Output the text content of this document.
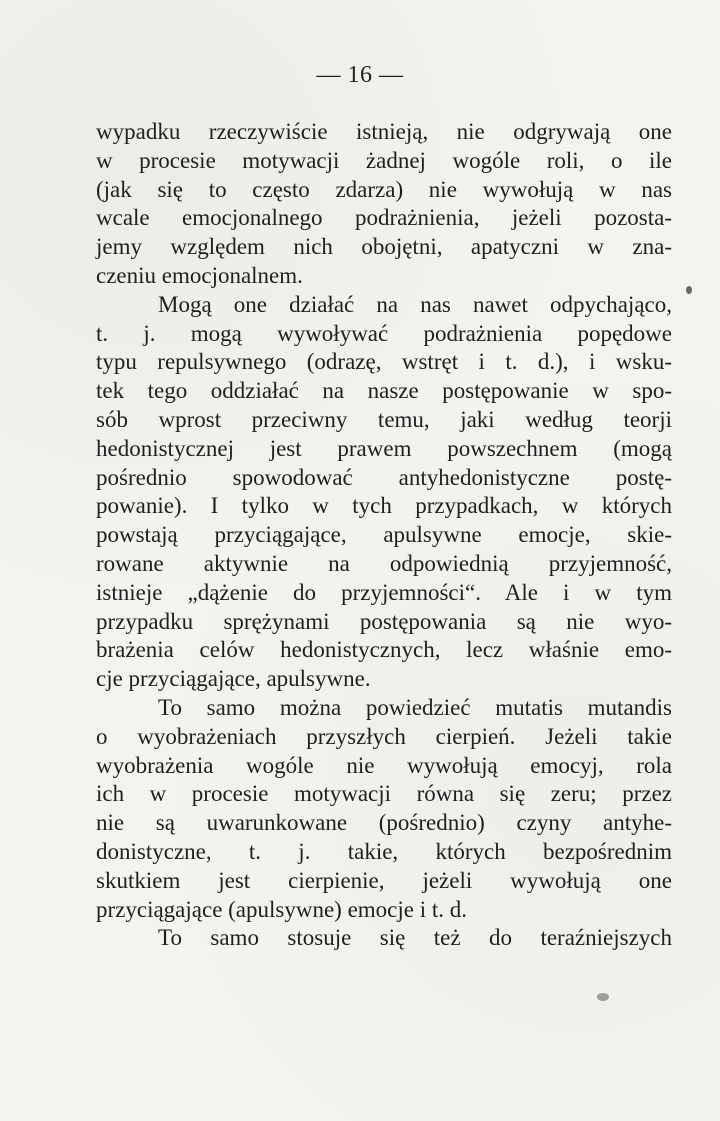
— 16 —
wypadku rzeczywiście istnieją, nie odgrywają one
w procesie motywacji żadnej wogóle roli, o ile
(jak się to często zdarza) nie wywołują w nas
wcale emocjonalnego podrażnienia, jeżeli pozosta-
jemy względem nich obojętni, apatyczni w zna-
czeniu emocjonalnem.
Mogą one działać na nas nawet odpychająco,
t. j. mogą wywoływać podrażnienia popędowe
typu repulsywnego (odrazę, wstręt i t. d.), i wsku-
tek tego oddziałać na nasze postępowanie w spo-
sób wprost przeciwny temu, jaki według teorji
hedonistycznej jest prawem powszechnem (mogą
pośrednio spowodować antyhedonistyczne postę-
powanie). I tylko w tych przypadkach, w których
powstają przyciągające, apulsywne emocje, skie-
rowane aktywnie na odpowiednią przyjemność,
istnieje „dążenie do przyjemności“. Ale i w tym
przypadku sprężynami postępowania są nie wyo-
brażenia celów hedonistycznych, lecz właśnie emo-
cje przyciągające, apulsywne.
To samo można powiedzieć mutatis mutandis
o wyobrażeniach przyszłych cierpień. Jeżeli takie
wyobrażenia wogóle nie wywołują emocyj, rola
ich w procesie motywacji równa się zeru; przez
nie są uwarunkowane (pośrednio) czyny antyhe-
donistyczne, t. j. takie, których bezpośrednim
skutkiem jest cierpienie, jeżeli wywołują one
przyciągające (apulsywne) emocje i t. d.
To samo stosuje się też do teraźniejszych
